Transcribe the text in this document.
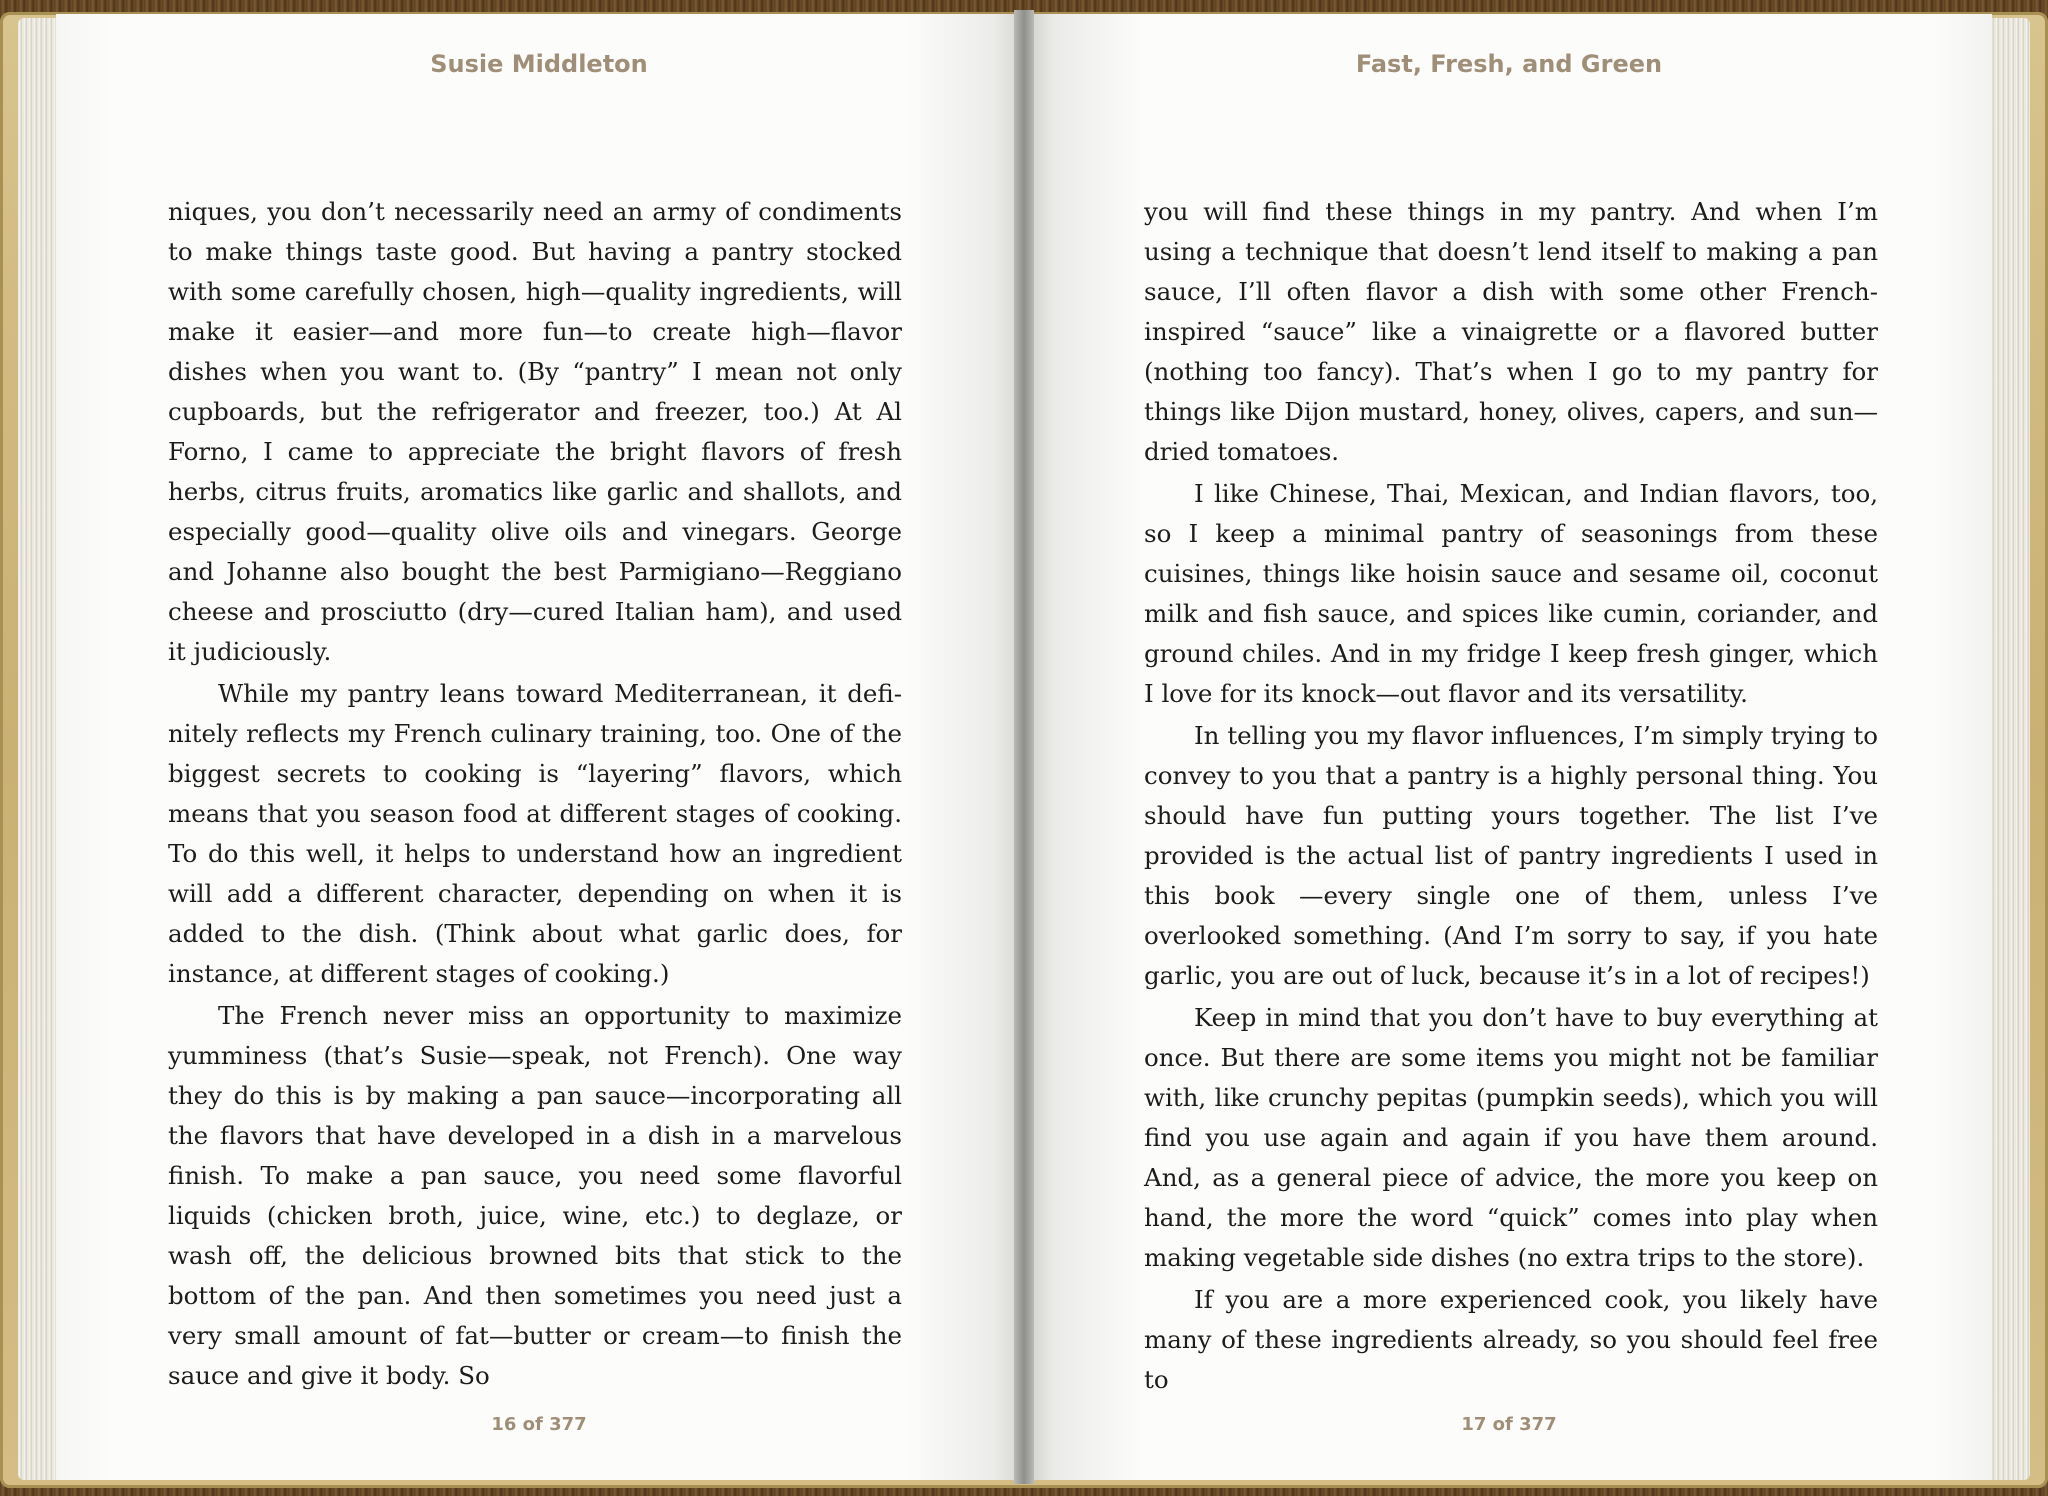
Susie Middleton

niques, you don’t necessarily need an army of condiments to make things taste good. But having a pantry stocked with some carefully chosen, high—quality ingredients, will make it easier—and more fun—to create high—flavor dishes when you want to. (By “pantry” I mean not only cupboards, but the refrigerator and freezer, too.) At Al Forno, I came to appreciate the bright flavors of fresh herbs, citrus fruits, aromatics like garlic and shallots, and especially good—quality olive oils and vinegars. George and Johanne also bought the best Parmigiano—Reggiano cheese and prosciutto (dry—cured Italian ham), and used it judiciously.

While my pantry leans toward Mediterranean, it definitely reflects my French culinary training, too. One of the biggest secrets to cooking is “layering” flavors, which means that you season food at different stages of cooking. To do this well, it helps to understand how an ingredient will add a different character, depending on when it is added to the dish. (Think about what garlic does, for instance, at different stages of cooking.)

The French never miss an opportunity to maximize yumminess (that’s Susie—speak, not French). One way they do this is by making a pan sauce—incorporating all the flavors that have developed in a dish in a marvelous finish. To make a pan sauce, you need some flavorful liquids (chicken broth, juice, wine, etc.) to deglaze, or wash off, the delicious browned bits that stick to the bottom of the pan. And then sometimes you need just a very small amount of fat—butter or cream—to finish the sauce and give it body. So

16 of 377
Fast, Fresh, and Green

you will find these things in my pantry. And when I’m using a technique that doesn’t lend itself to making a pan sauce, I’ll often flavor a dish with some other French-inspired “sauce” like a vinaigrette or a flavored butter (nothing too fancy). That’s when I go to my pantry for things like Dijon mustard, honey, olives, capers, and sun—dried tomatoes.

I like Chinese, Thai, Mexican, and Indian flavors, too, so I keep a minimal pantry of seasonings from these cuisines, things like hoisin sauce and sesame oil, coconut milk and fish sauce, and spices like cumin, coriander, and ground chiles. And in my fridge I keep fresh ginger, which I love for its knock—out flavor and its versatility.

In telling you my flavor influences, I’m simply trying to convey to you that a pantry is a highly personal thing. You should have fun putting yours together. The list I’ve provided is the actual list of pantry ingredients I used in this book —every single one of them, unless I’ve overlooked something. (And I’m sorry to say, if you hate garlic, you are out of luck, because it’s in a lot of recipes!)

Keep in mind that you don’t have to buy everything at once. But there are some items you might not be familiar with, like crunchy pepitas (pumpkin seeds), which you will find you use again and again if you have them around. And, as a general piece of advice, the more you keep on hand, the more the word “quick” comes into play when making vegetable side dishes (no extra trips to the store).

If you are a more experienced cook, you likely have many of these ingredients already, so you should feel free to

17 of 377
